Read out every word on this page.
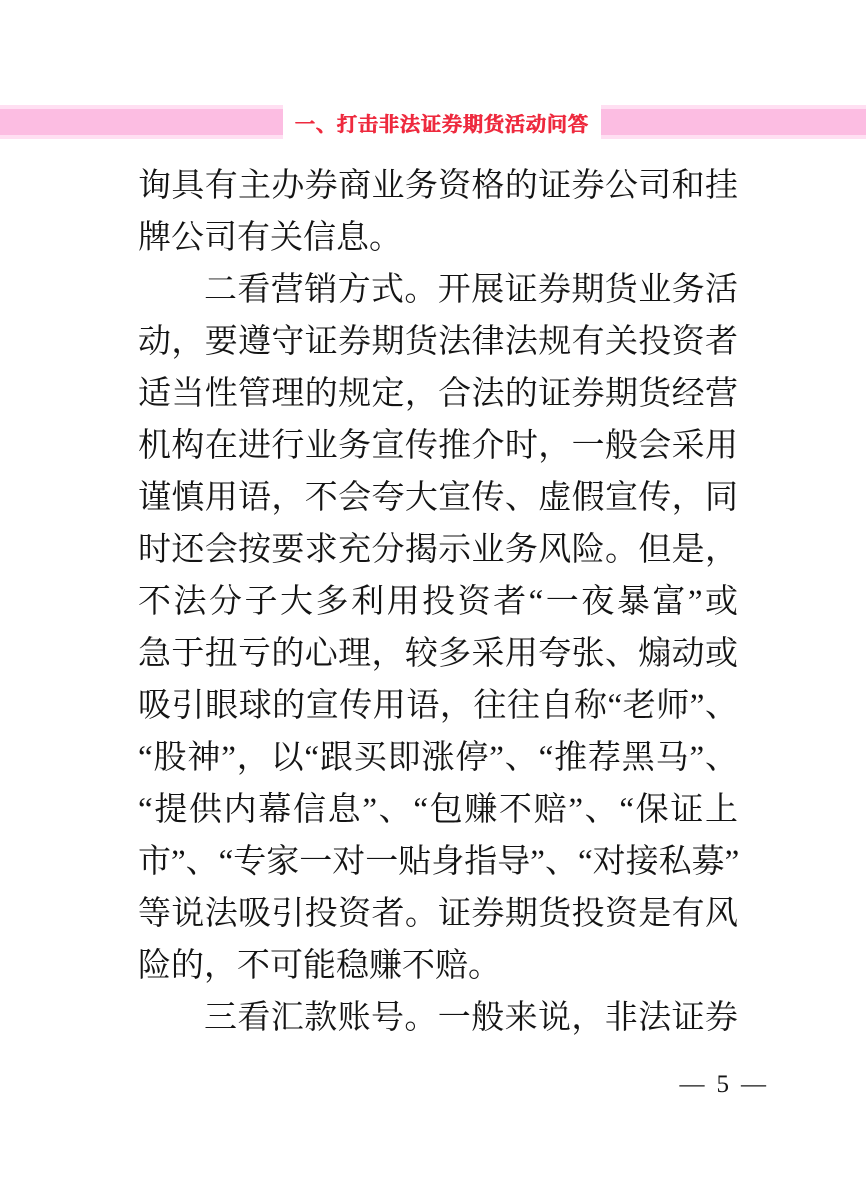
一、打击非法证券期货活动问答
询具有主办券商业务资格的证券公司和挂
牌公司有关信息。
二看营销方式。开展证券期货业务活
动，要遵守证券期货法律法规有关投资者
适当性管理的规定，合法的证券期货经营
机构在进行业务宣传推介时，一般会采用
谨慎用语，不会夸大宣传、虚假宣传，同
时还会按要求充分揭示业务风险。但是，
不法分子大多利用投资者“一夜暴富”或
急于扭亏的心理，较多采用夸张、煽动或
吸引眼球的宣传用语，往往自称“老师”、
“股神”，以“跟买即涨停”、“推荐黑马”、
“提供内幕信息”、“包赚不赔”、“保证上
市”、“专家一对一贴身指导”、“对接私募”
等说法吸引投资者。证券期货投资是有风
险的，不可能稳赚不赔。
三看汇款账号。一般来说，非法证券
— 5 —
